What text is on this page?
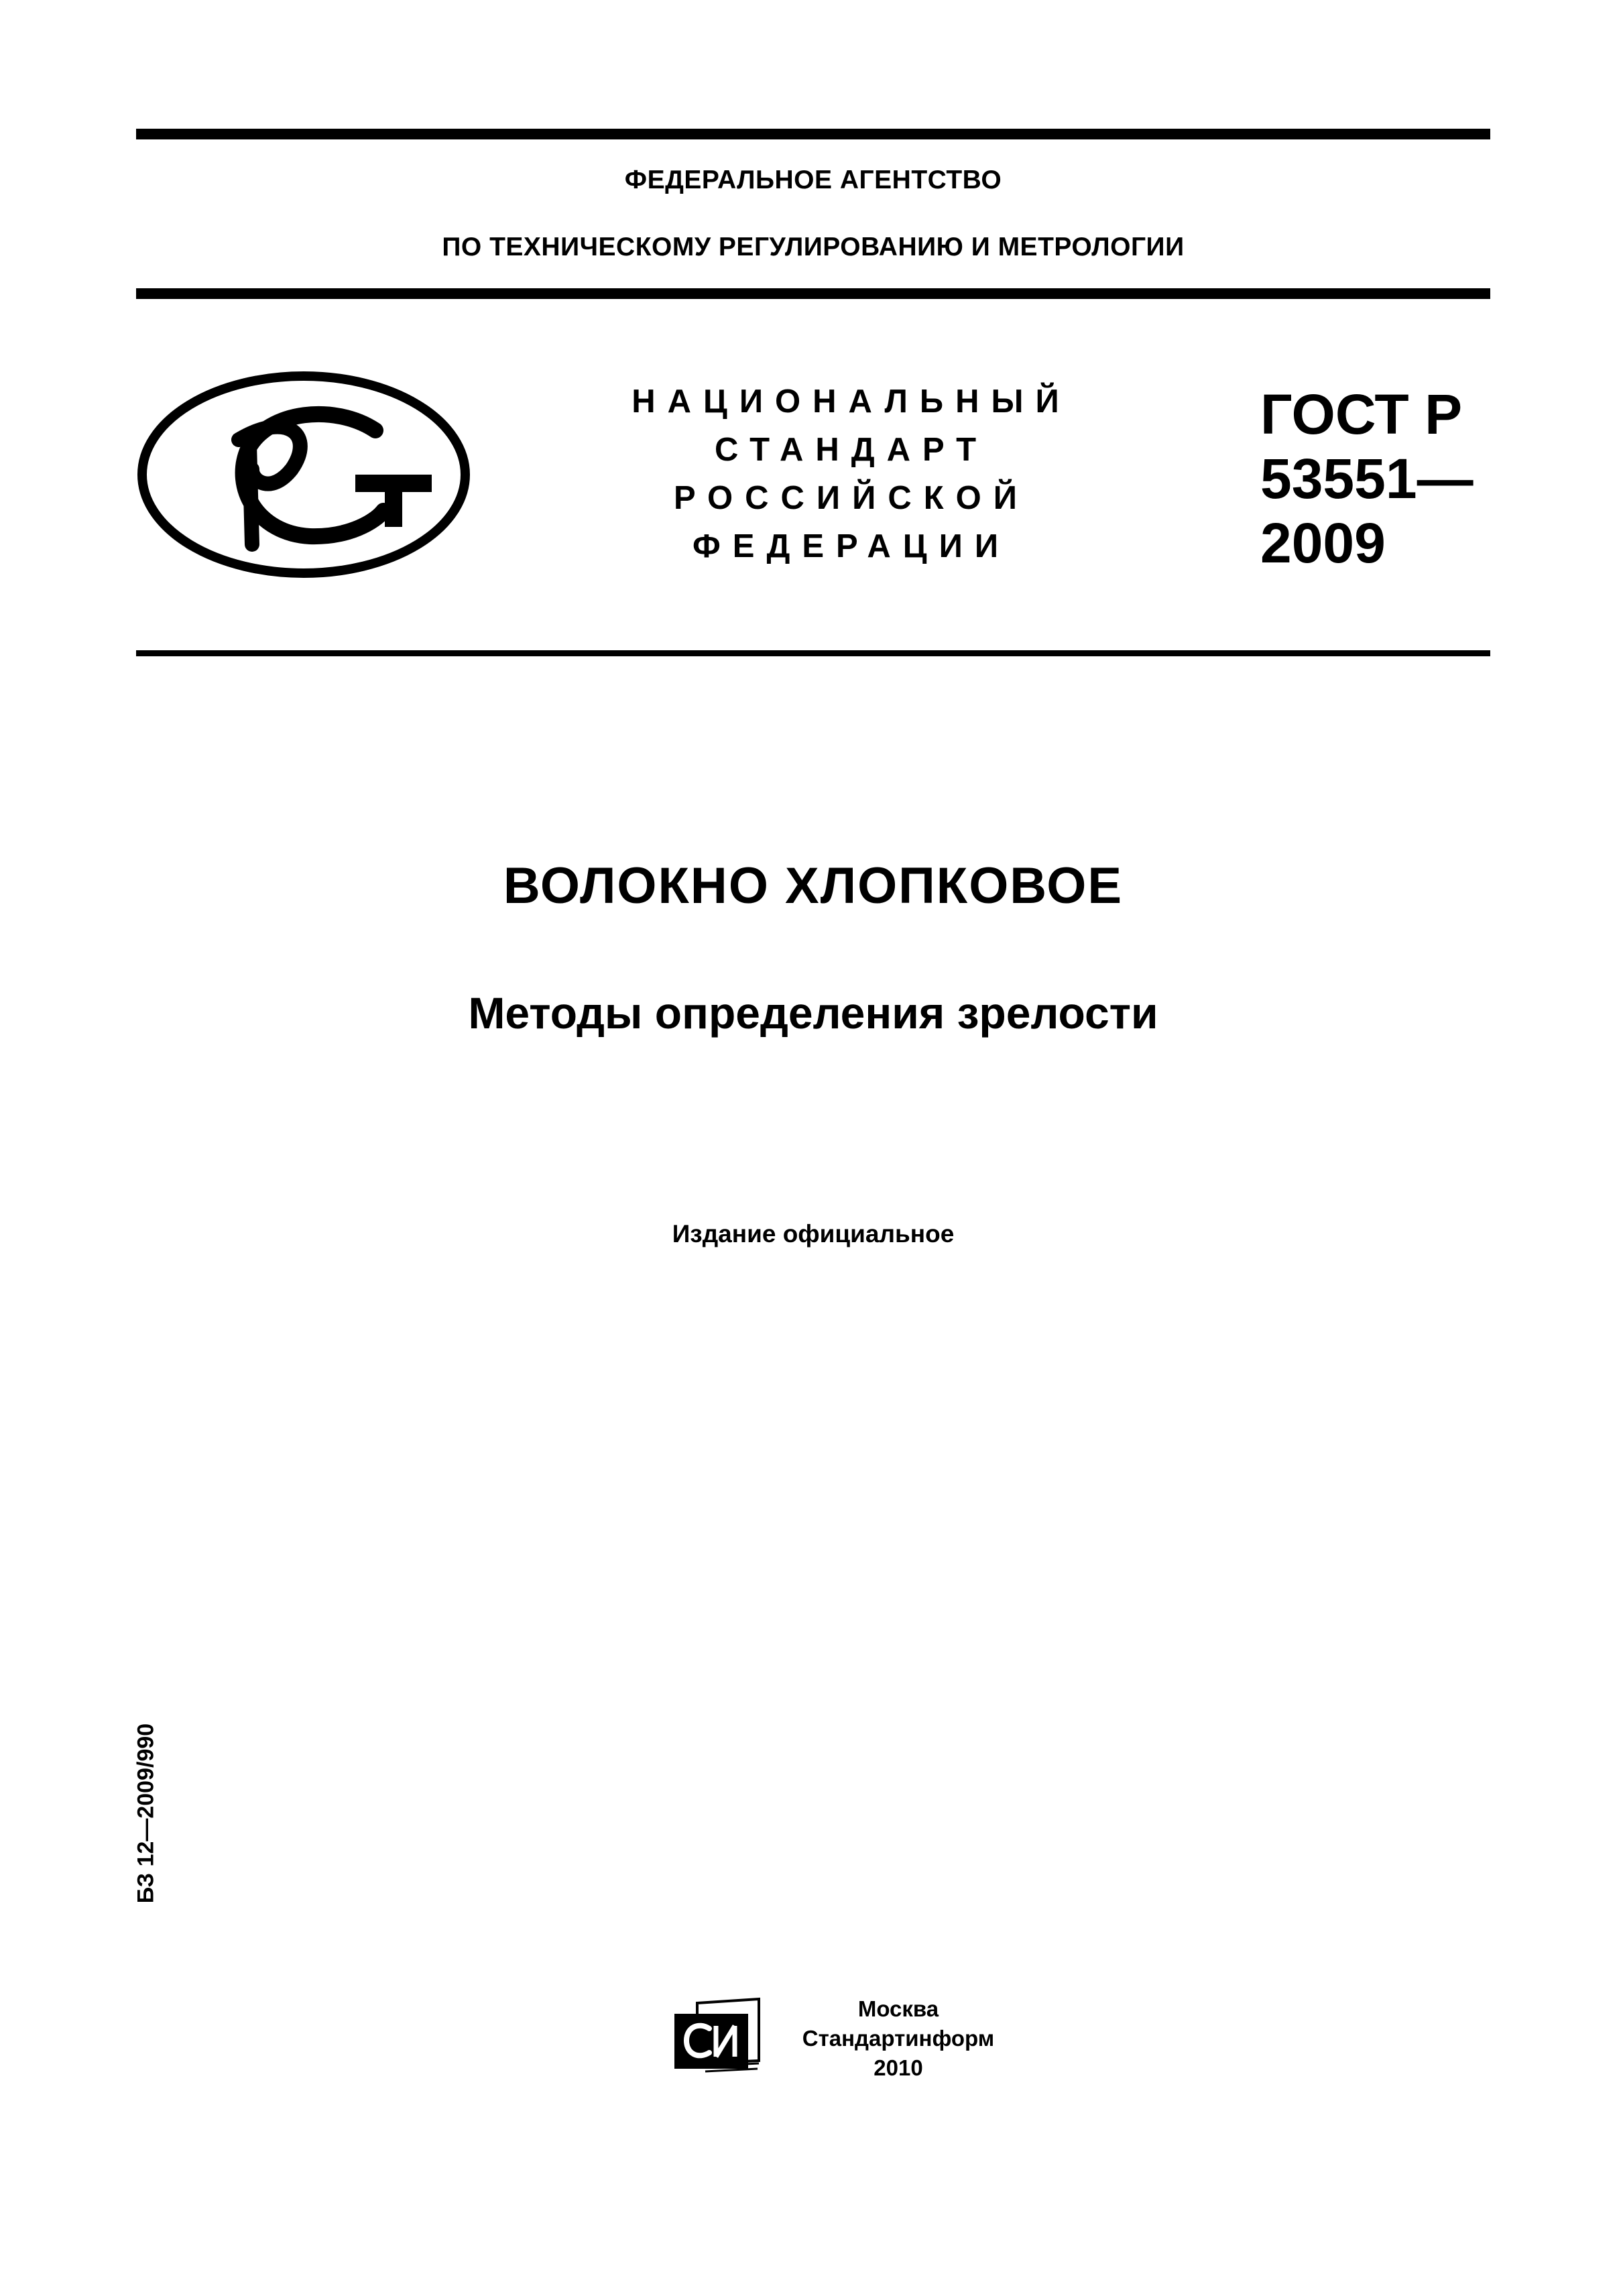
ФЕДЕРАЛЬНОЕ АГЕНТСТВО
ПО ТЕХНИЧЕСКОМУ РЕГУЛИРОВАНИЮ И МЕТРОЛОГИИ
НАЦИОНАЛЬНЫЙ
СТАНДАРТ
РОССИЙСКОЙ
ФЕДЕРАЦИИ
ГОСТ Р
53551—
2009
ВОЛОКНО ХЛОПКОВОЕ
Методы определения зрелости
Издание официальное
БЗ 12—2009/990
Москва
Стандартинформ
2010
